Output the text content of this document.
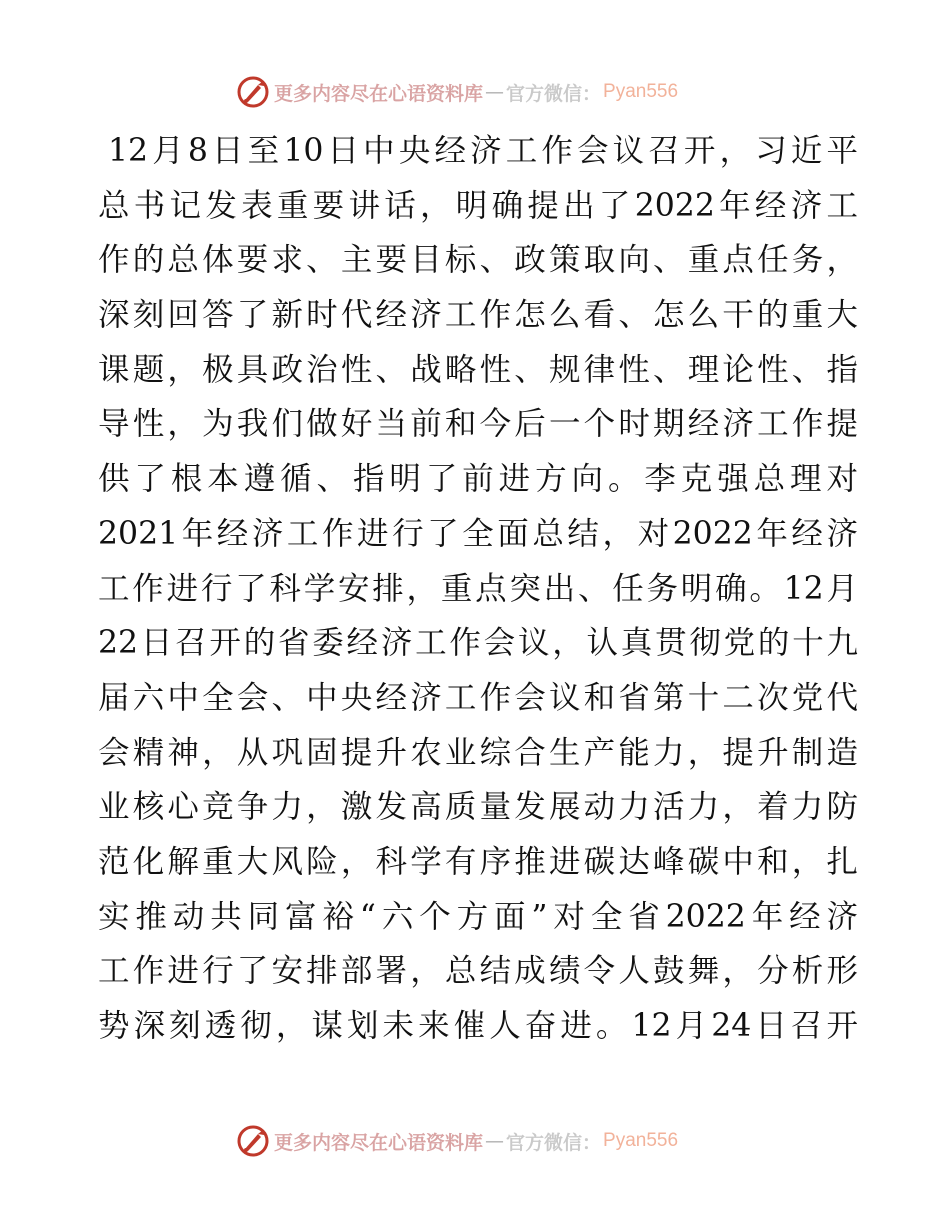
更多内容尽在心语资料库 — 官方微信： Pyan556
12月8日至10日中央经济工作会议召开，习近平
总书记发表重要讲话，明确提出了2022年经济工
作的总体要求、主要目标、政策取向、重点任务，
深刻回答了新时代经济工作怎么看、怎么干的重大
课题，极具政治性、战略性、规律性、理论性、指
导性，为我们做好当前和今后一个时期经济工作提
供了根本遵循、指明了前进方向。李克强总理对
2021年经济工作进行了全面总结，对2022年经济
工作进行了科学安排，重点突出、任务明确。12月
22日召开的省委经济工作会议，认真贯彻党的十九
届六中全会、中央经济工作会议和省第十二次党代
会精神，从巩固提升农业综合生产能力，提升制造
业核心竞争力，激发高质量发展动力活力，着力防
范化解重大风险，科学有序推进碳达峰碳中和，扎
实推动共同富裕“六个方面”对全省2022年经济
工作进行了安排部署，总结成绩令人鼓舞，分析形
势深刻透彻，谋划未来催人奋进。12月24日召开
更多内容尽在心语资料库 — 官方微信： Pyan556
